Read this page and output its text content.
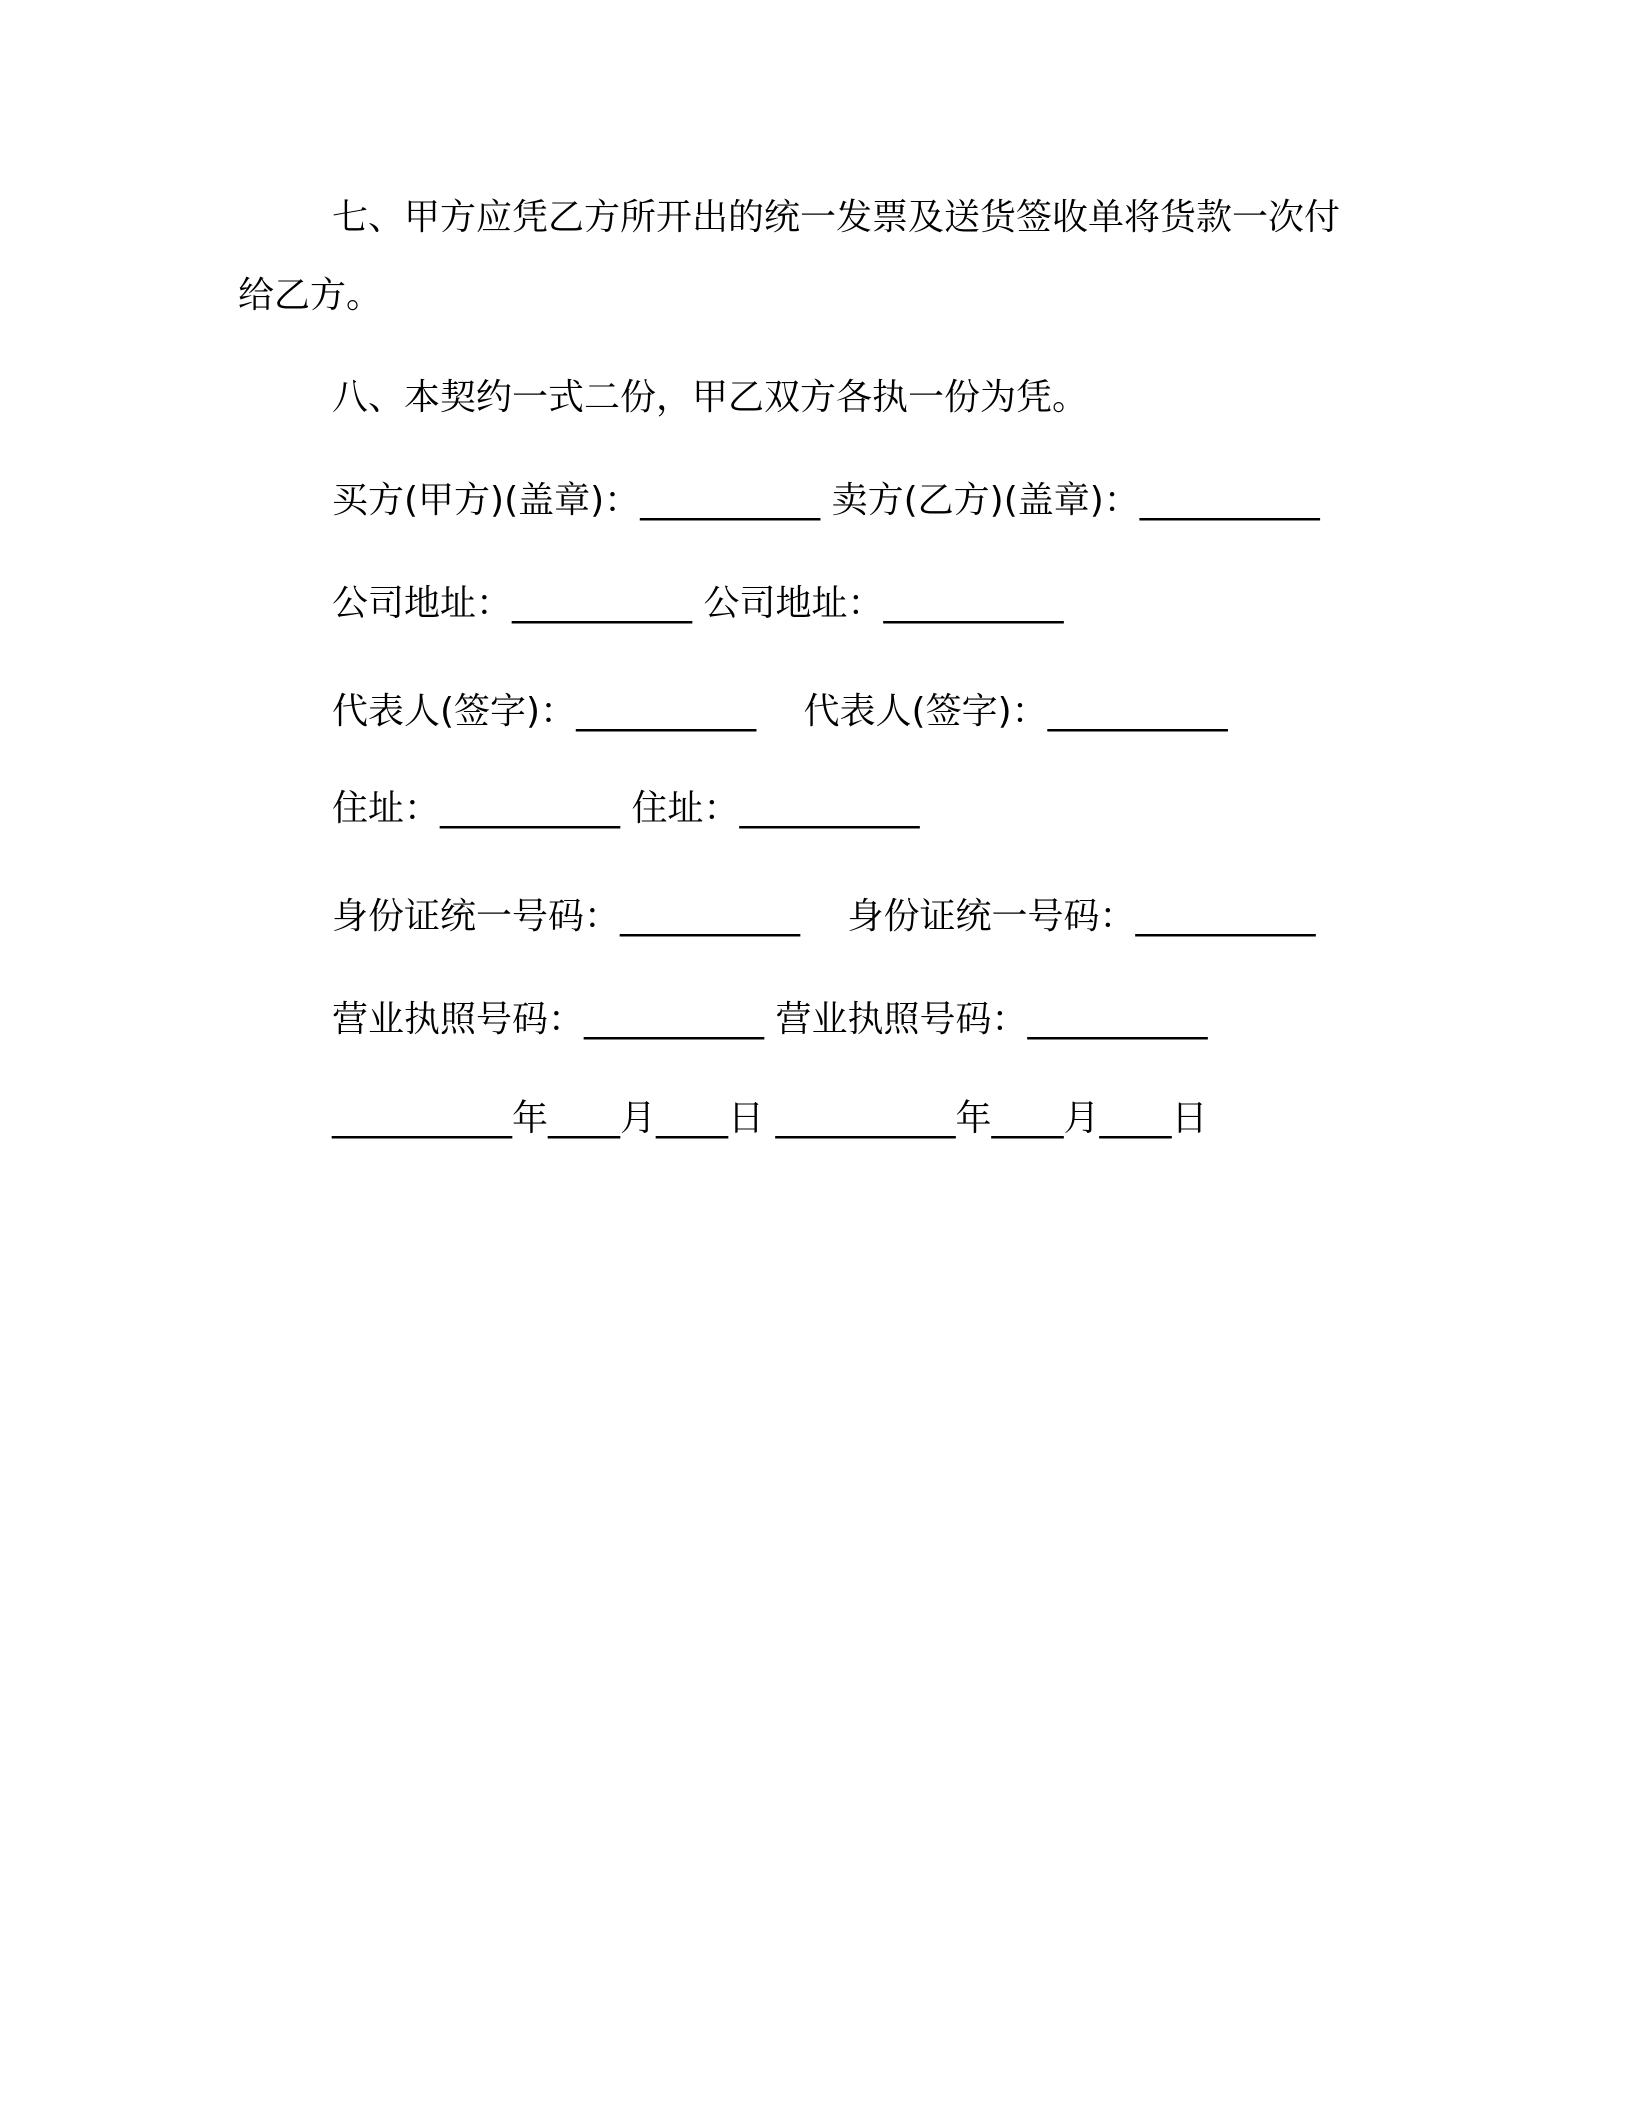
七、甲方应凭乙方所开出的统一发票及送货签收单将货款一次付
给乙方。
八、本契约一式二份，甲乙双方各执一份为凭。
买方(甲方)(盖章)：__________ 卖方(乙方)(盖章)：__________
公司地址：__________ 公司地址：__________
代表人(签字)：__________　 代表人(签字)：__________
住址：__________ 住址：__________
身份证统一号码：__________　 身份证统一号码：__________
营业执照号码：__________ 营业执照号码：__________
__________年____月____日 __________年____月____日
